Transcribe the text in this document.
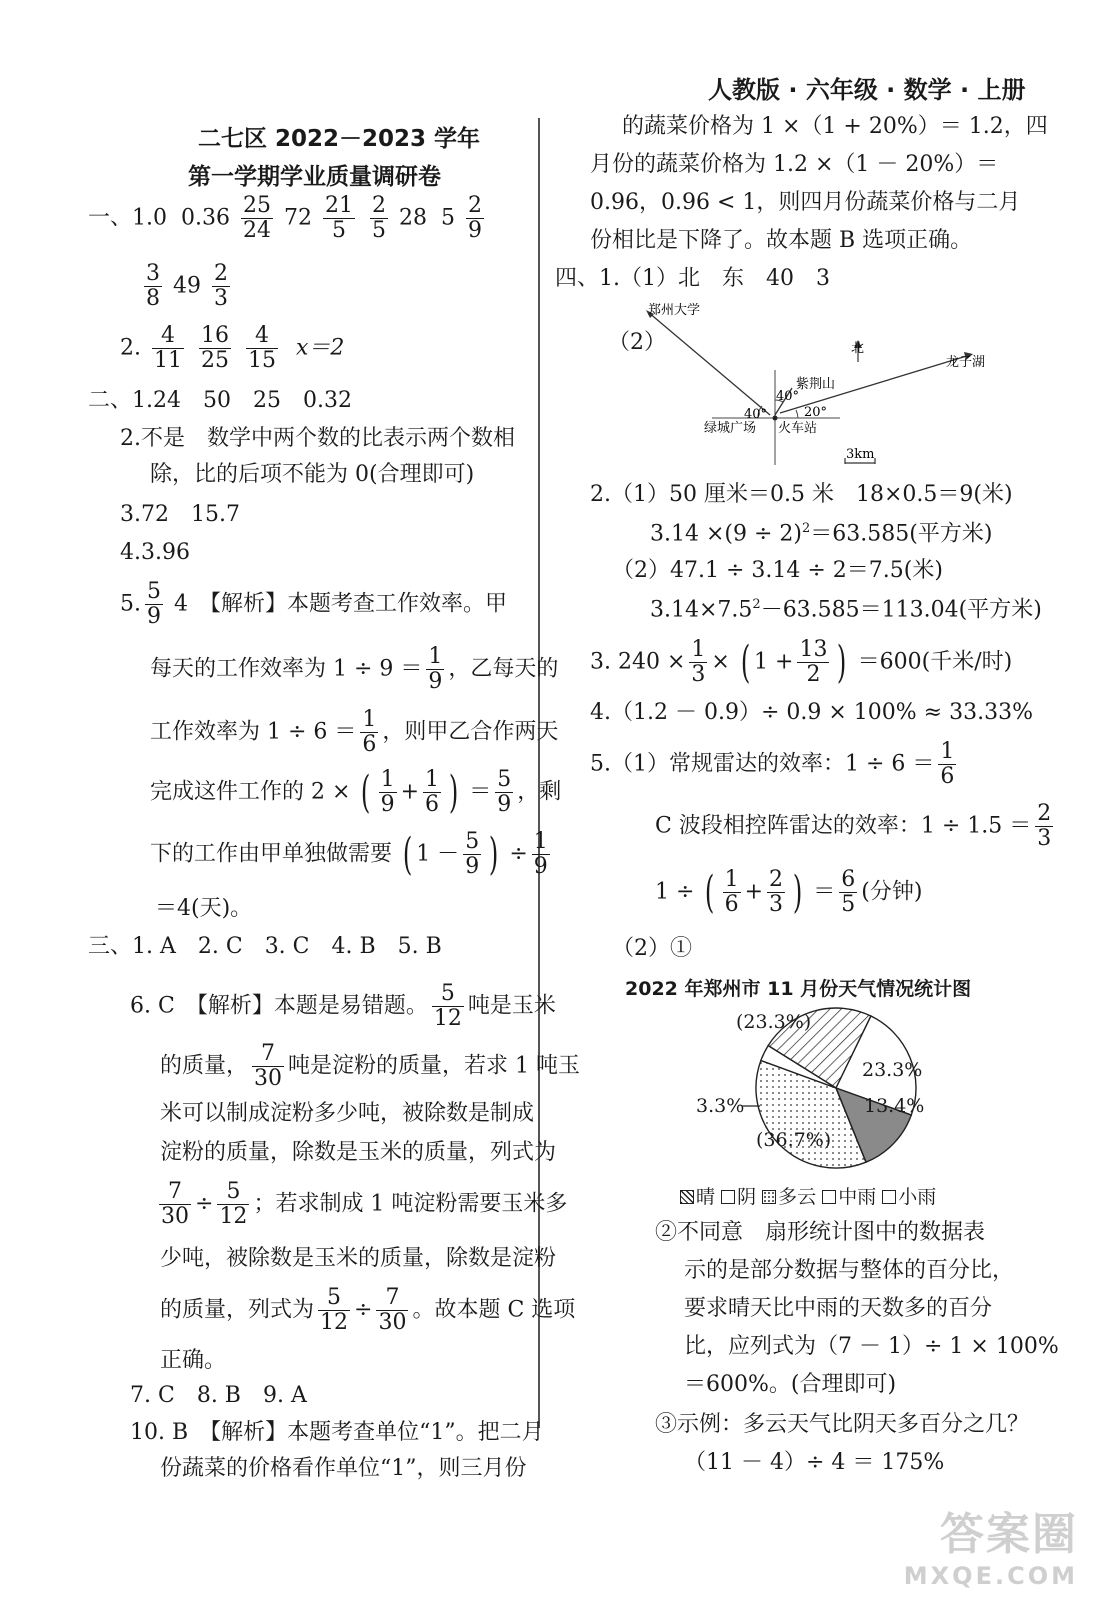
人教版 · 六年级 · 数学 · 上册
二七区 2022－2023 学年
第一学期学业质量调研卷
一、1.0 $0.36 \frac{25}{24} 72 \frac{21}{5}$
$\frac{2}{5} 28$ $5 \frac{2}{9}$
$\frac{3}{8} 49 \frac{2}{3}$
2. $\frac{4}{11}$
$\frac{16}{25}$
$\frac{4}{15} x=2$
二、1.24　50　25　0.32
2.不是　数学中两个数的比表示两个数相
除，比的后项不能为 0(合理即可)
3.72　15.7
4.3.96
5. $\frac{5}{9} 4$　【解析】本题考查工作效率。甲
每天的工作效率为 $1 \div 9 = \frac{1}{9}$ ，乙每天的
工作效率为 $1 \div 6 = \frac{1}{6}$ ，则甲乙合作两天
完成这件工作的 2 × ( $\frac{1}{9} + \frac{1}{6}$ ) ＝ $\frac{5}{9}$ ，剩
下的工作由甲单独做需要 ( $1 - \frac{5}{9}$ ) ÷ $\frac{1}{9}$
＝4(天)。
三、1. A　2. C　3. C　4. B　5. B
6. C　【解析】本题是易错题。 $\frac{5}{12}$ 吨是玉米
的质量， $\frac{7}{30}$ 吨是淀粉的质量，若求 1 吨玉
米可以制成淀粉多少吨，被除数是制成
淀粉的质量，除数是玉米的质量，列式为
$\frac{7}{30} \div \frac{5}{12}$ ；若求制成 1 吨淀粉需要玉米多
少吨，被除数是玉米的质量，除数是淀粉
的质量，列式为 $\frac{5}{12} \div \frac{7}{30}$ 。故本题 C 选项
正确。
7. C　8. B　9. A
10. B　【解析】本题考查单位“1”。把二月
份蔬菜的价格看作单位“1”，则三月份
的蔬菜价格为 1 ×（1 + 20%）＝ 1.2，四
月份的蔬菜价格为 1.2 ×（1 － 20%）＝
0.96，0.96 < 1，则四月份蔬菜价格与二月
份相比是下降了。故本题 B 选项正确。
四、1.（1）北　东　40　3
（2）
郑州大学
北
龙子湖
紫荆山
绿城广场 火车站
40°
40°
20°
3km
2.（1）50 厘米＝0.5 米　18×0.5＝9(米)
$3.14 \times(9 \div 2)^2=63.585$(平方米)
（2）47.1 ÷ 3.14 ÷ 2＝7.5(米)
$3.14\times 7.5^2-63.585=113.04$(平方米)
3. $240 \times \frac{1}{3}$ × ( $1 + \frac{13}{2}$ ) ＝600(千米/时)
4.（1.2 － 0.9）÷ 0.9 × 100% ≈ 33.33%
5.（1）常规雷达的效率：$1 \div 6 = \frac{1}{6}$
C 波段相控阵雷达的效率：$1 \div 1.5 = \frac{2}{3}$
1 ÷ ( $\frac{1}{6} + \frac{2}{3}$ ) ＝ $\frac{6}{5}$ (分钟)
（2）①
2022 年郑州市 11 月份天气情况统计图
(23.3%)
23.3%
(36.7%)
13.4%
3.3%
晴 阴 多云 中雨 小雨
②不同意　扇形统计图中的数据表
示的是部分数据与整体的百分比，
要求晴天比中雨的天数多的百分
比，应列式为（7 － 1）÷ 1 × 100%
＝600%。(合理即可)
③示例：多云天气比阴天多百分之几？
（11 － 4）÷ 4 ＝ 175%
答案圈
MXQE.COM
